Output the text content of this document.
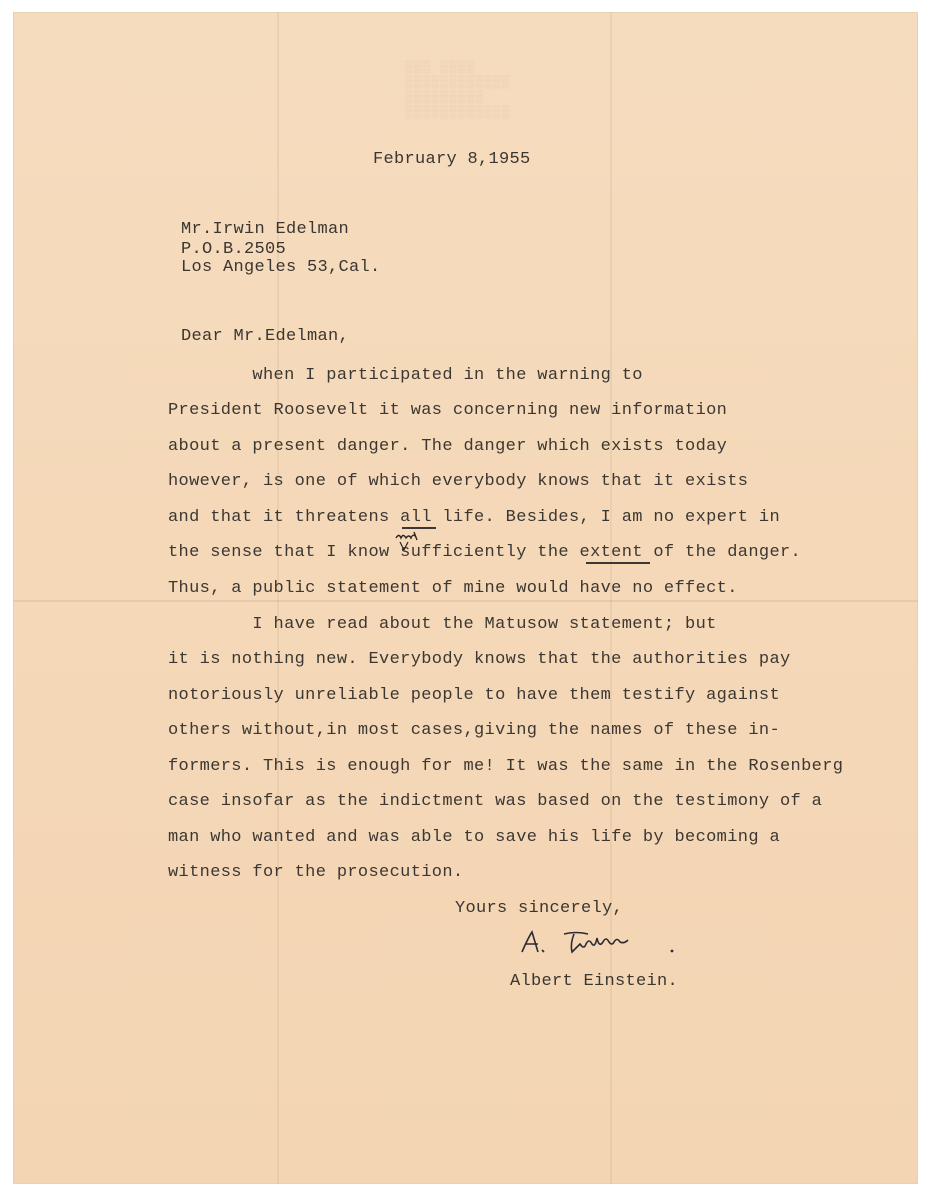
▒▒▒ ▒▒▒▒
▒▒▒▒▒▒▒▒▒▒▒▒
▒▒▒▒▒▒▒▒▒
▒▒▒▒▒▒▒▒▒▒▒▒
February 8,1955
Mr.Irwin Edelman
P.O.B.2505
Los Angeles 53,Cal.
Dear Mr.Edelman,
when I participated in the warning to
President Roosevelt it was concerning new information
about a present danger. The danger which exists today
however, is one of which everybody knows that it exists
and that it threatens all life. Besides, I am no expert in
the sense that I know sufficiently the extent of the danger.
Thus, a public statement of mine would have no effect.
I have read about the Matusow statement; but
it is nothing new. Everybody knows that the authorities pay
notoriously unreliable people to have them testify against
others without,in most cases,giving the names of these in-
formers. This is enough for me! It was the same in the Rosenberg
case insofar as the indictment was based on the testimony of a
man who wanted and was able to save his life by becoming a
witness for the prosecution.
Yours sincerely,
Albert Einstein.
